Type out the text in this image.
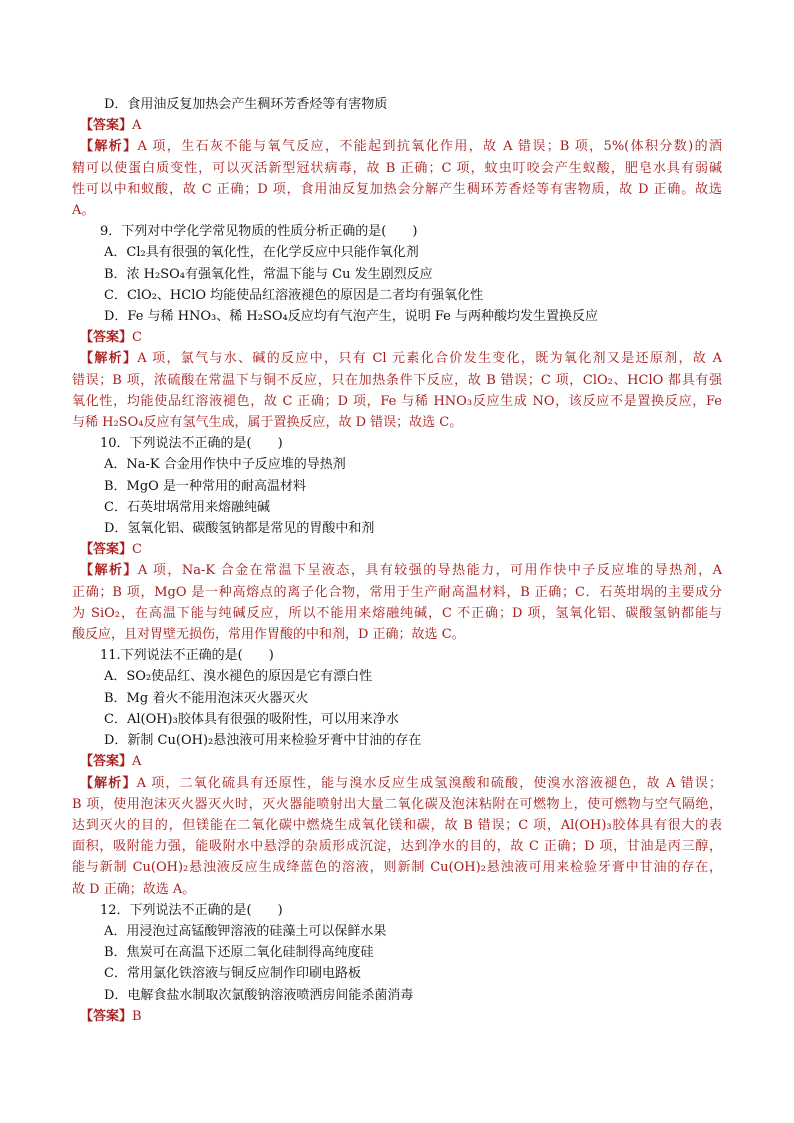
D．食用油反复加热会产生稠环芳香烃等有害物质

【答案】A

【解析】A 项，生石灰不能与氧气反应，不能起到抗氧化作用，故 A 错误；B 项，5%(体积分数)的酒

精可以使蛋白质变性，可以灭活新型冠状病毒，故 B 正确；C 项，蚊虫叮咬会产生蚁酸，肥皂水具有弱碱

性可以中和蚁酸，故 C 正确；D 项，食用油反复加热会分解产生稠环芳香烃等有害物质，故 D 正确。故选

A。

9．下列对中学化学常见物质的性质分析正确的是(　　)

A．Cl₂具有很强的氧化性，在化学反应中只能作氧化剂

B．浓 H₂SO₄有强氧化性，常温下能与 Cu 发生剧烈反应

C．ClO₂、HClO 均能使品红溶液褪色的原因是二者均有强氧化性

D．Fe 与稀 HNO₃、稀 H₂SO₄反应均有气泡产生，说明 Fe 与两种酸均发生置换反应

【答案】C

【解析】A 项，氯气与水、碱的反应中，只有 Cl 元素化合价发生变化，既为氧化剂又是还原剂，故 A

错误；B 项，浓硫酸在常温下与铜不反应，只在加热条件下反应，故 B 错误；C 项，ClO₂、HClO 都具有强

氧化性，均能使品红溶液褪色，故 C 正确；D 项，Fe 与稀 HNO₃反应生成 NO，该反应不是置换反应，Fe

与稀 H₂SO₄反应有氢气生成，属于置换反应，故 D 错误；故选 C。

10．下列说法不正确的是(　　)

A．Na-K 合金用作快中子反应堆的导热剂

B．MgO 是一种常用的耐高温材料

C．石英坩埚常用来熔融纯碱

D．氢氧化铝、碳酸氢钠都是常见的胃酸中和剂

【答案】C

【解析】A 项，Na-K 合金在常温下呈液态，具有较强的导热能力，可用作快中子反应堆的导热剂，A

正确；B 项，MgO 是一种高熔点的离子化合物，常用于生产耐高温材料，B 正确；C．石英坩埚的主要成分

为 SiO₂，在高温下能与纯碱反应，所以不能用来熔融纯碱，C 不正确；D 项，氢氧化铝、碳酸氢钠都能与

酸反应，且对胃壁无损伤，常用作胃酸的中和剂，D 正确；故选 C。

11.下列说法不正确的是(　　)

A．SO₂使品红、溴水褪色的原因是它有漂白性

B．Mg 着火不能用泡沫灭火器灭火

C．Al(OH)₃胶体具有很强的吸附性，可以用来净水

D．新制 Cu(OH)₂悬浊液可用来检验牙膏中甘油的存在

【答案】A

【解析】A 项，二氧化硫具有还原性，能与溴水反应生成氢溴酸和硫酸，使溴水溶液褪色，故 A 错误；

B 项，使用泡沫灭火器灭火时，灭火器能喷射出大量二氧化碳及泡沫粘附在可燃物上，使可燃物与空气隔绝，

达到灭火的目的，但镁能在二氧化碳中燃烧生成氧化镁和碳，故 B 错误；C 项，Al(OH)₃胶体具有很大的表

面积，吸附能力强，能吸附水中悬浮的杂质形成沉淀，达到净水的目的，故 C 正确；D 项，甘油是丙三醇，

能与新制 Cu(OH)₂悬浊液反应生成绛蓝色的溶液，则新制 Cu(OH)₂悬浊液可用来检验牙膏中甘油的存在，

故 D 正确；故选 A。

12．下列说法不正确的是(　　)

A．用浸泡过高锰酸钾溶液的硅藻土可以保鲜水果

B．焦炭可在高温下还原二氧化硅制得高纯度硅

C．常用氯化铁溶液与铜反应制作印刷电路板

D．电解食盐水制取次氯酸钠溶液喷洒房间能杀菌消毒

【答案】B
